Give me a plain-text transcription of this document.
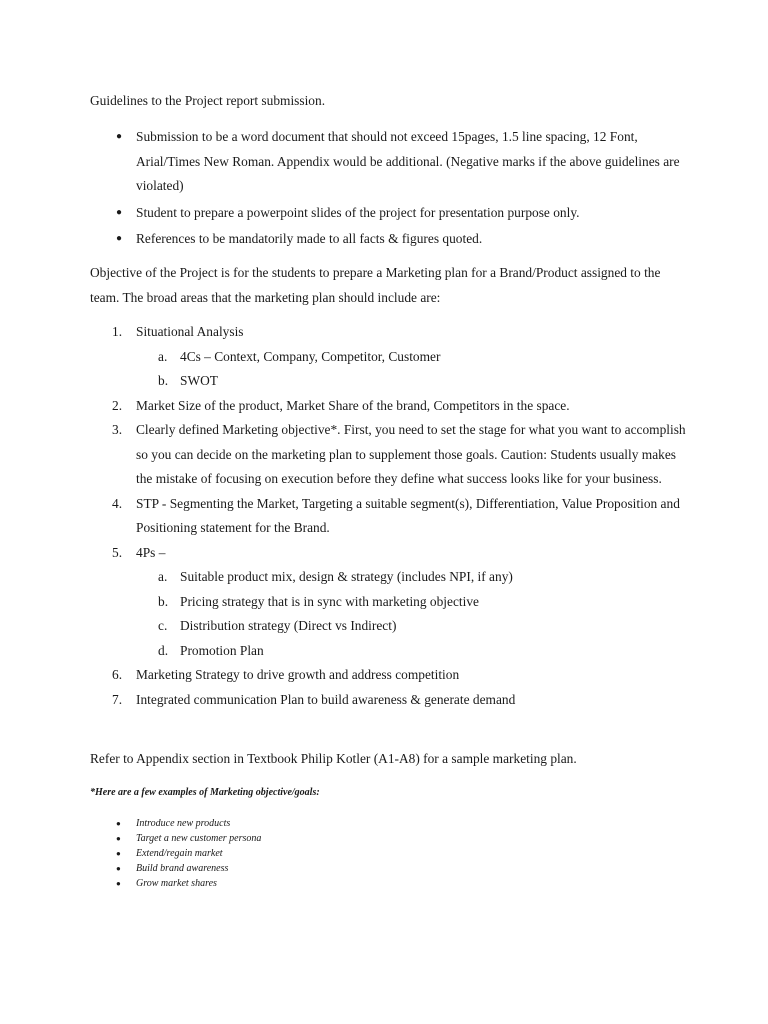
Guidelines to the Project report submission.

● Submission to be a word document that should not exceed 15pages, 1.5 line spacing, 12 Font, Arial/Times New Roman. Appendix would be additional. (Negative marks if the above guidelines are violated)
● Student to prepare a powerpoint slides of the project for presentation purpose only.
● References to be mandatorily made to all facts & figures quoted.

Objective of the Project is for the students to prepare a Marketing plan for a Brand/Product assigned to the team. The broad areas that the marketing plan should include are:

1. Situational Analysis
a. 4Cs – Context, Company, Competitor, Customer
b. SWOT
2. Market Size of the product, Market Share of the brand, Competitors in the space.
3. Clearly defined Marketing objective*. First, you need to set the stage for what you want to accomplish so you can decide on the marketing plan to supplement those goals. Caution: Students usually makes the mistake of focusing on execution before they define what success looks like for your business.
4. STP - Segmenting the Market, Targeting a suitable segment(s), Differentiation, Value Proposition and Positioning statement for the Brand.
5. 4Ps –
a. Suitable product mix, design & strategy (includes NPI, if any)
b. Pricing strategy that is in sync with marketing objective
c. Distribution strategy (Direct vs Indirect)
d. Promotion Plan
6. Marketing Strategy to drive growth and address competition
7. Integrated communication Plan to build awareness & generate demand

Refer to Appendix section in Textbook Philip Kotler (A1-A8) for a sample marketing plan.

*Here are a few examples of Marketing objective/goals:

● Introduce new products
● Target a new customer persona
● Extend/regain market
● Build brand awareness
● Grow market shares
